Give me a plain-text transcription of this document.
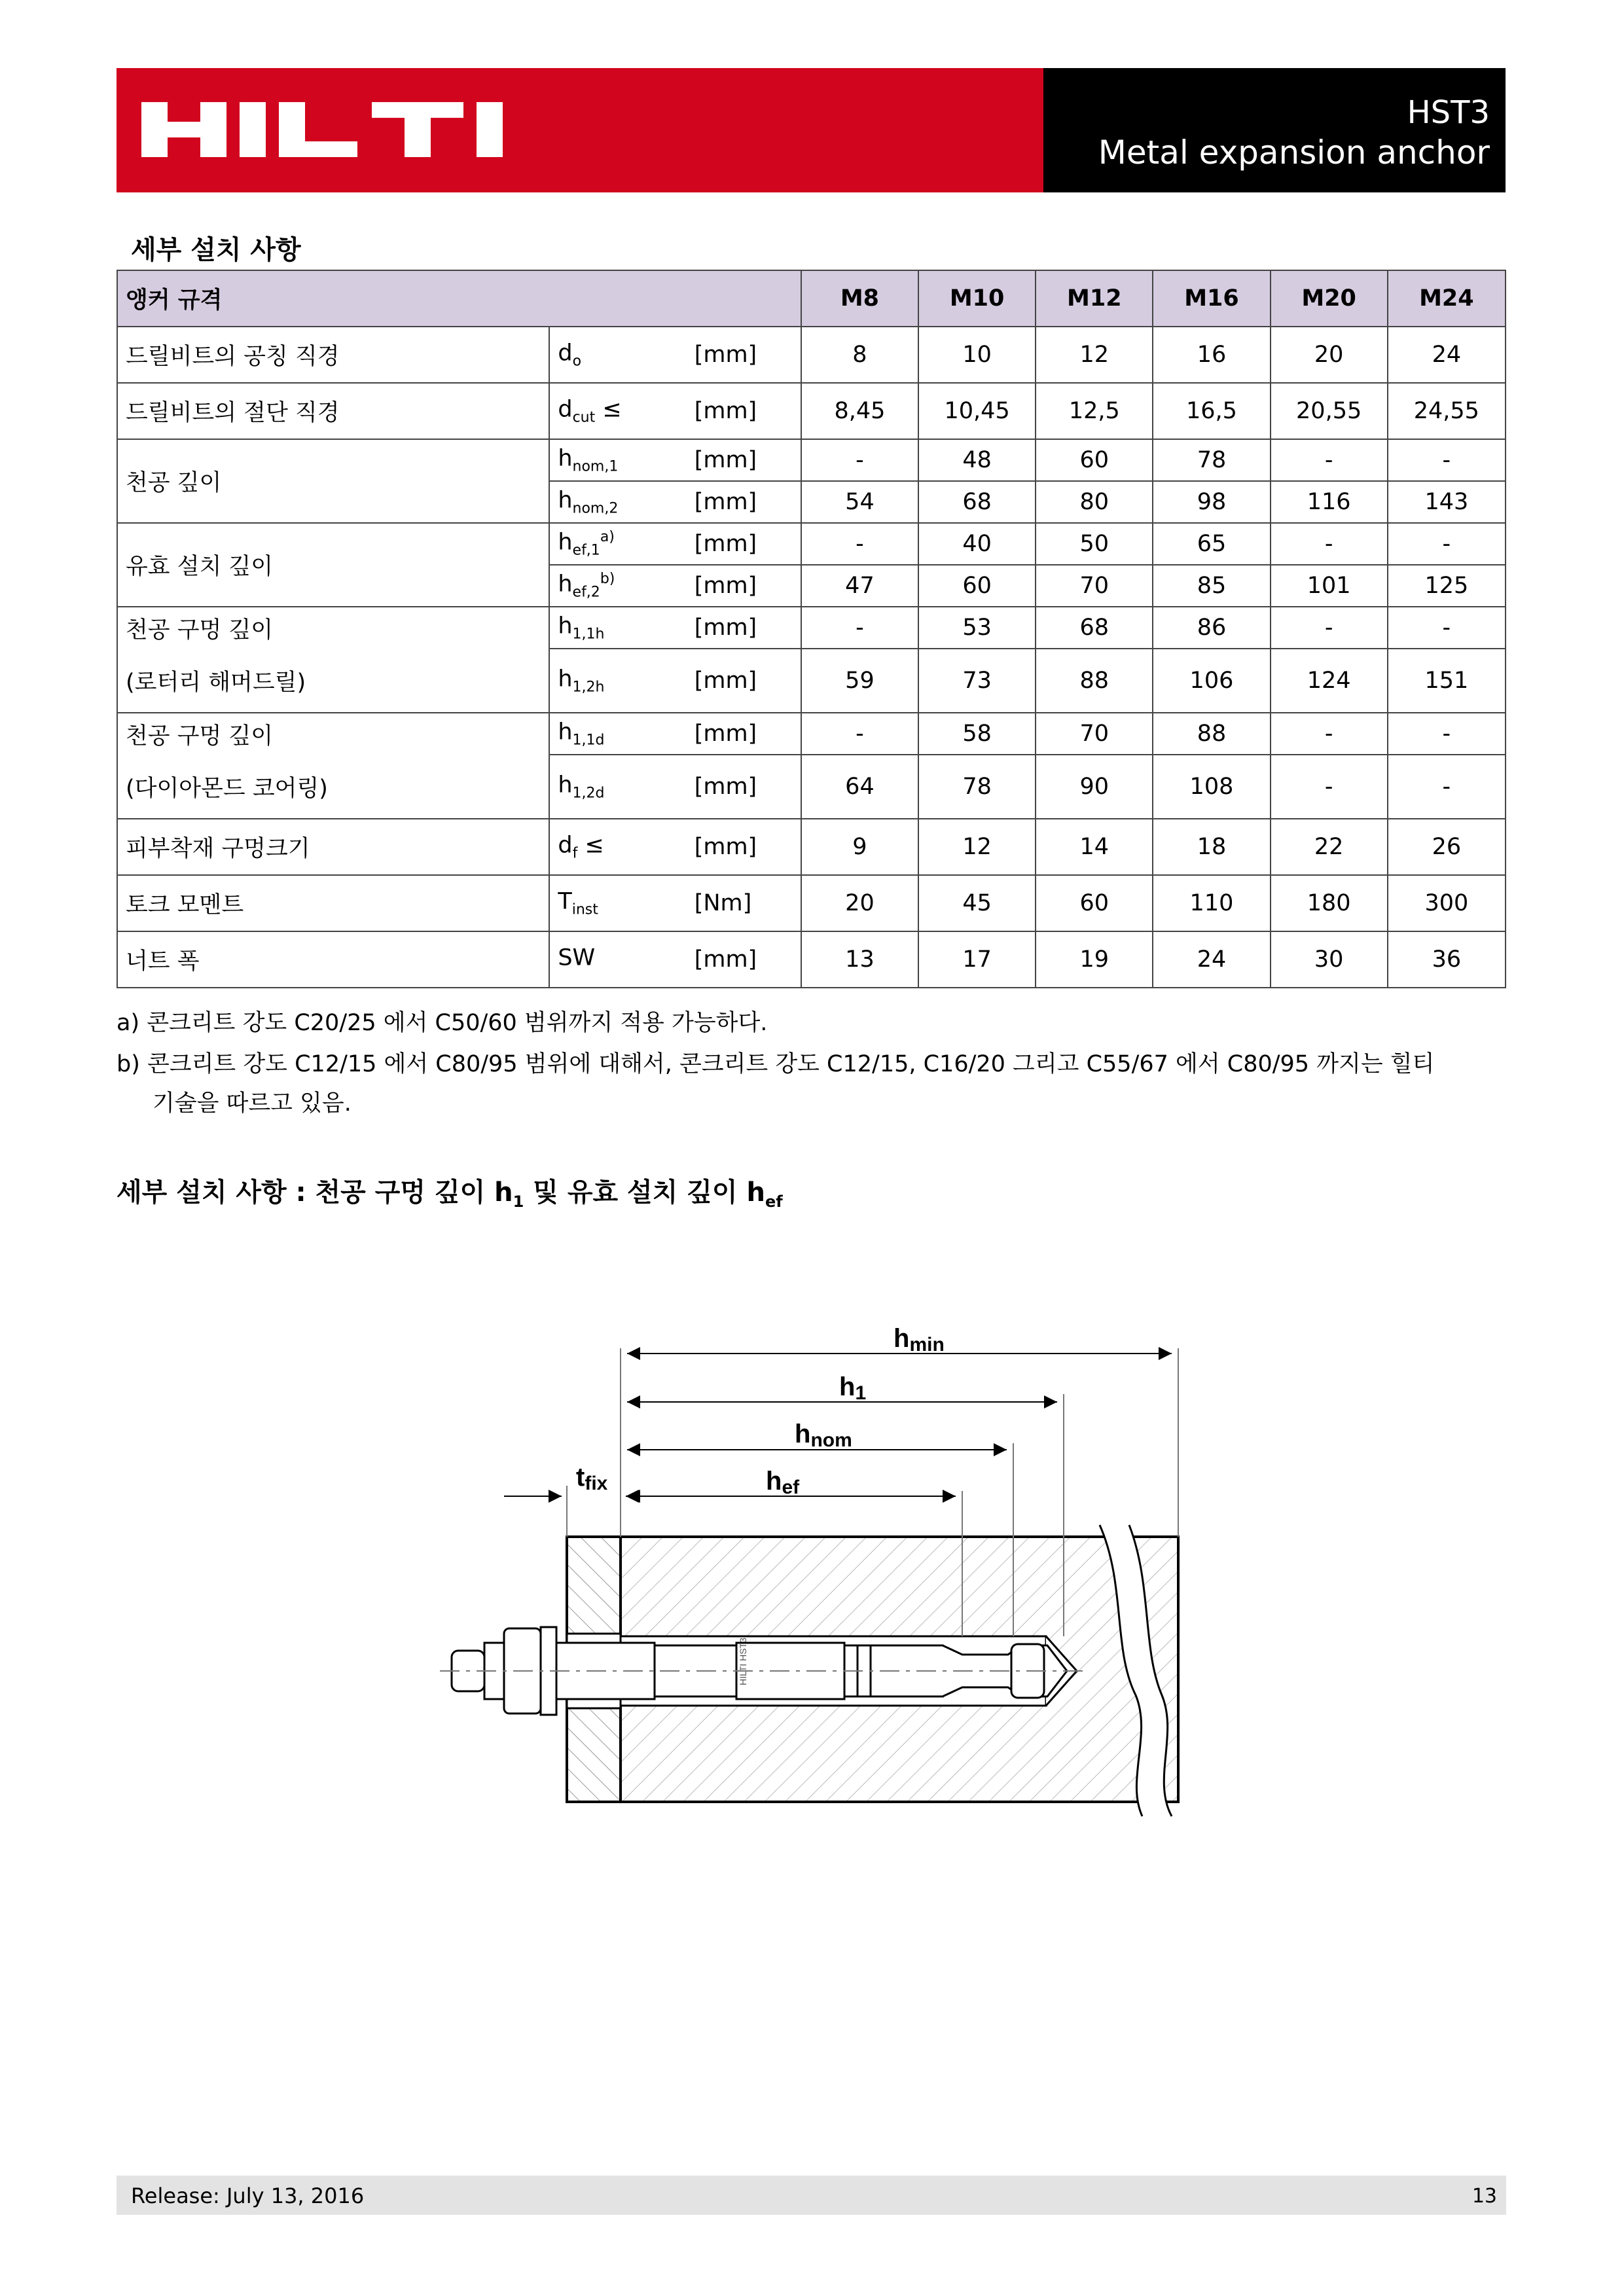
HST3
Metal expansion anchor
세부 설치 사항
앵커 규격			M8	M10	M12	M16	M20	M24
드릴비트의 공칭 직경	$d_o$	[mm]	8	10	12	16	20	24
드릴비트의 절단 직경	$d_{cut}$ ≤	[mm]	8,45	10,45	12,5	16,5	20,55	24,55
천공 깊이	$h_{nom,1}$	[mm]	-	48	60	78	-	-
	$h_{nom,2}$	[mm]	54	68	80	98	116	143
유효 설치 깊이	$h_{ef,1}^{a)}$	[mm]	-	40	50	65	-	-
	$h_{ef,2}^{b)}$	[mm]	47	60	70	85	101	125
천공 구멍 깊이	$h_{1,1h}$	[mm]	-	53	68	86	-	-
(로터리 해머드릴)	$h_{1,2h}$	[mm]	59	73	88	106	124	151
천공 구멍 깊이	$h_{1,1d}$	[mm]	-	58	70	88	-	-
(다이아몬드 코어링)	$h_{1,2d}$	[mm]	64	78	90	108	-	-
피부착재 구멍크기	$d_f$ ≤	[mm]	9	12	14	18	22	26
토크 모멘트	$T_{inst}$	[Nm]	20	45	60	110	180	300
너트 폭	SW	[mm]	13	17	19	24	30	36
a) 콘크리트 강도 C20/25 에서 C50/60 범위까지 적용 가능하다.
b) 콘크리트 강도 C12/15 에서 C80/95 범위에 대해서, 콘크리트 강도 C12/15, C16/20 그리고 C55/67 에서 C80/95 까지는 힐티
기술을 따르고 있음.
세부 설치 사항 : 천공 구멍 깊이 $h_1$ 및 유효 설치 깊이 $h_{ef}$
HILTI HST3
hmin
h1
hnom
hef
tfix
Release: July 13, 2016	13
